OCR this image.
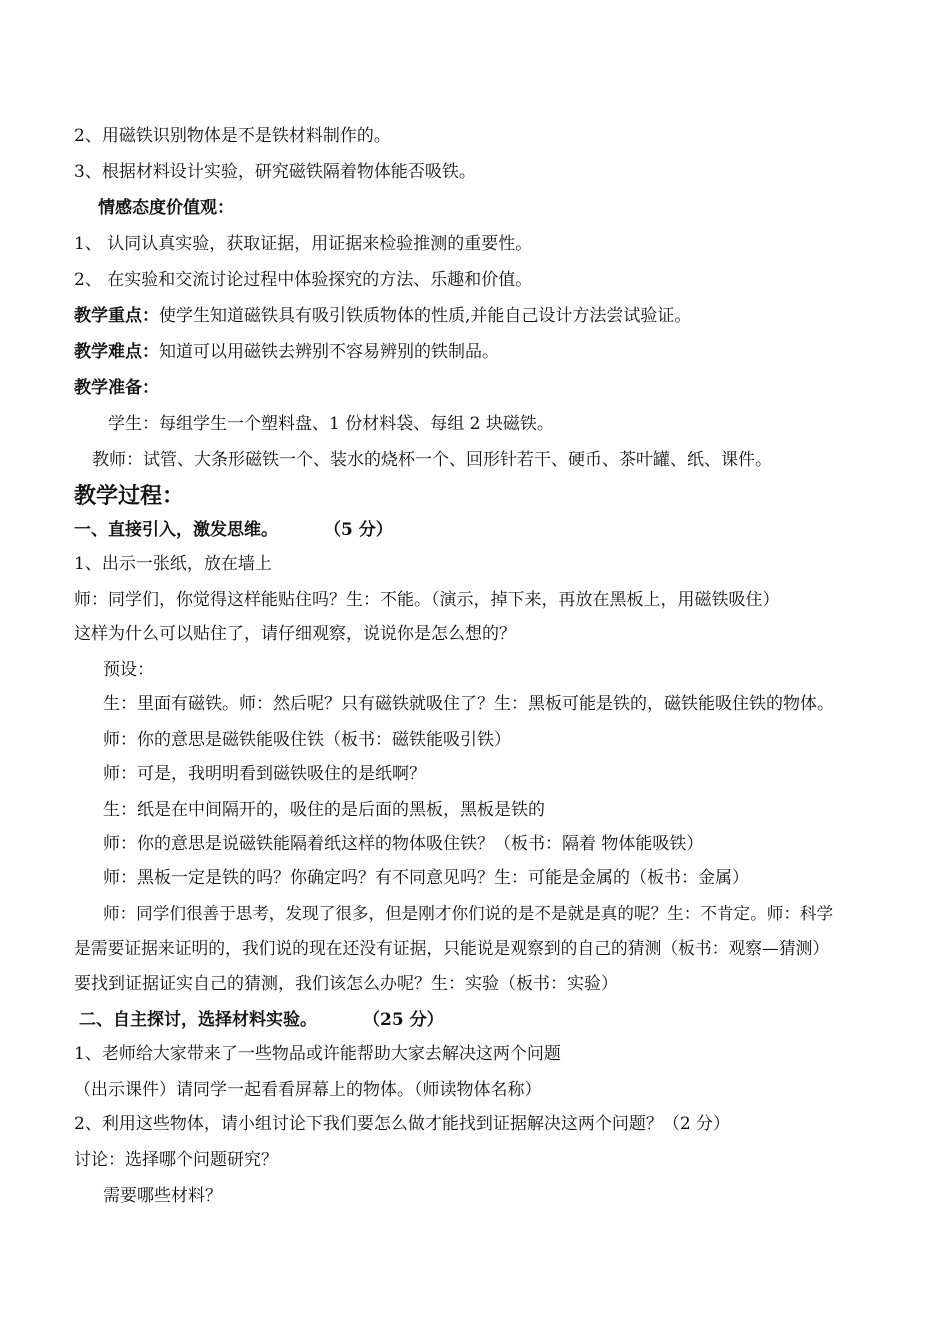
2、用磁铁识别物体是不是铁材料制作的。
3、根据材料设计实验，研究磁铁隔着物体能否吸铁。
情感态度价值观：
1、 认同认真实验，获取证据，用证据来检验推测的重要性。
2、 在实验和交流讨论过程中体验探究的方法、乐趣和价值。
教学重点：使学生知道磁铁具有吸引铁质物体的性质,并能自己设计方法尝试验证。
教学难点：知道可以用磁铁去辨别不容易辨别的铁制品。
教学准备：
学生：每组学生一个塑料盘、1 份材料袋、每组 2 块磁铁。
教师：试管、大条形磁铁一个、装水的烧杯一个、回形针若干、硬币、茶叶罐、纸、课件。
教学过程：
一、直接引入，激发思维。	（5 分）
1、出示一张纸，放在墙上
师：同学们，你觉得这样能贴住吗？生：不能。（演示，掉下来，再放在黑板上，用磁铁吸住）
这样为什么可以贴住了，请仔细观察，说说你是怎么想的？
预设：
生：里面有磁铁。师：然后呢？只有磁铁就吸住了？生：黑板可能是铁的，磁铁能吸住铁的物体。
师：你的意思是磁铁能吸住铁（板书：磁铁能吸引铁）
师：可是，我明明看到磁铁吸住的是纸啊？
生：纸是在中间隔开的，吸住的是后面的黑板，黑板是铁的
师：你的意思是说磁铁能隔着纸这样的物体吸住铁？（板书：隔着 物体能吸铁）
师：黑板一定是铁的吗？你确定吗？有不同意见吗？生：可能是金属的（板书：金属）
师：同学们很善于思考，发现了很多，但是刚才你们说的是不是就是真的呢？生：不肯定。师：科学
是需要证据来证明的，我们说的现在还没有证据，只能说是观察到的自己的猜测（板书：观察—猜测）
要找到证据证实自己的猜测，我们该怎么办呢？生：实验（板书：实验）
二、自主探讨，选择材料实验。	（25 分）
1、老师给大家带来了一些物品或许能帮助大家去解决这两个问题
（出示课件）请同学一起看看屏幕上的物体。（师读物体名称）
2、利用这些物体，请小组讨论下我们要怎么做才能找到证据解决这两个问题？（2 分）
讨论：选择哪个问题研究？
需要哪些材料？
